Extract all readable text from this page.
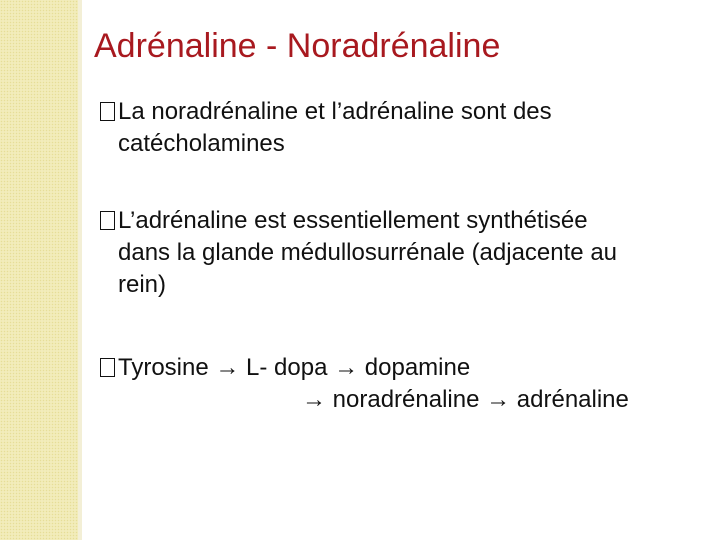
Adrénaline - Noradrénaline
La noradrénaline et l’adrénaline sont des
catécholamines
L’adrénaline est essentiellement synthétisée
dans la glande médullosurrénale (adjacente au
rein)
Tyrosine → L- dopa → dopamine
→ noradrénaline → adrénaline
